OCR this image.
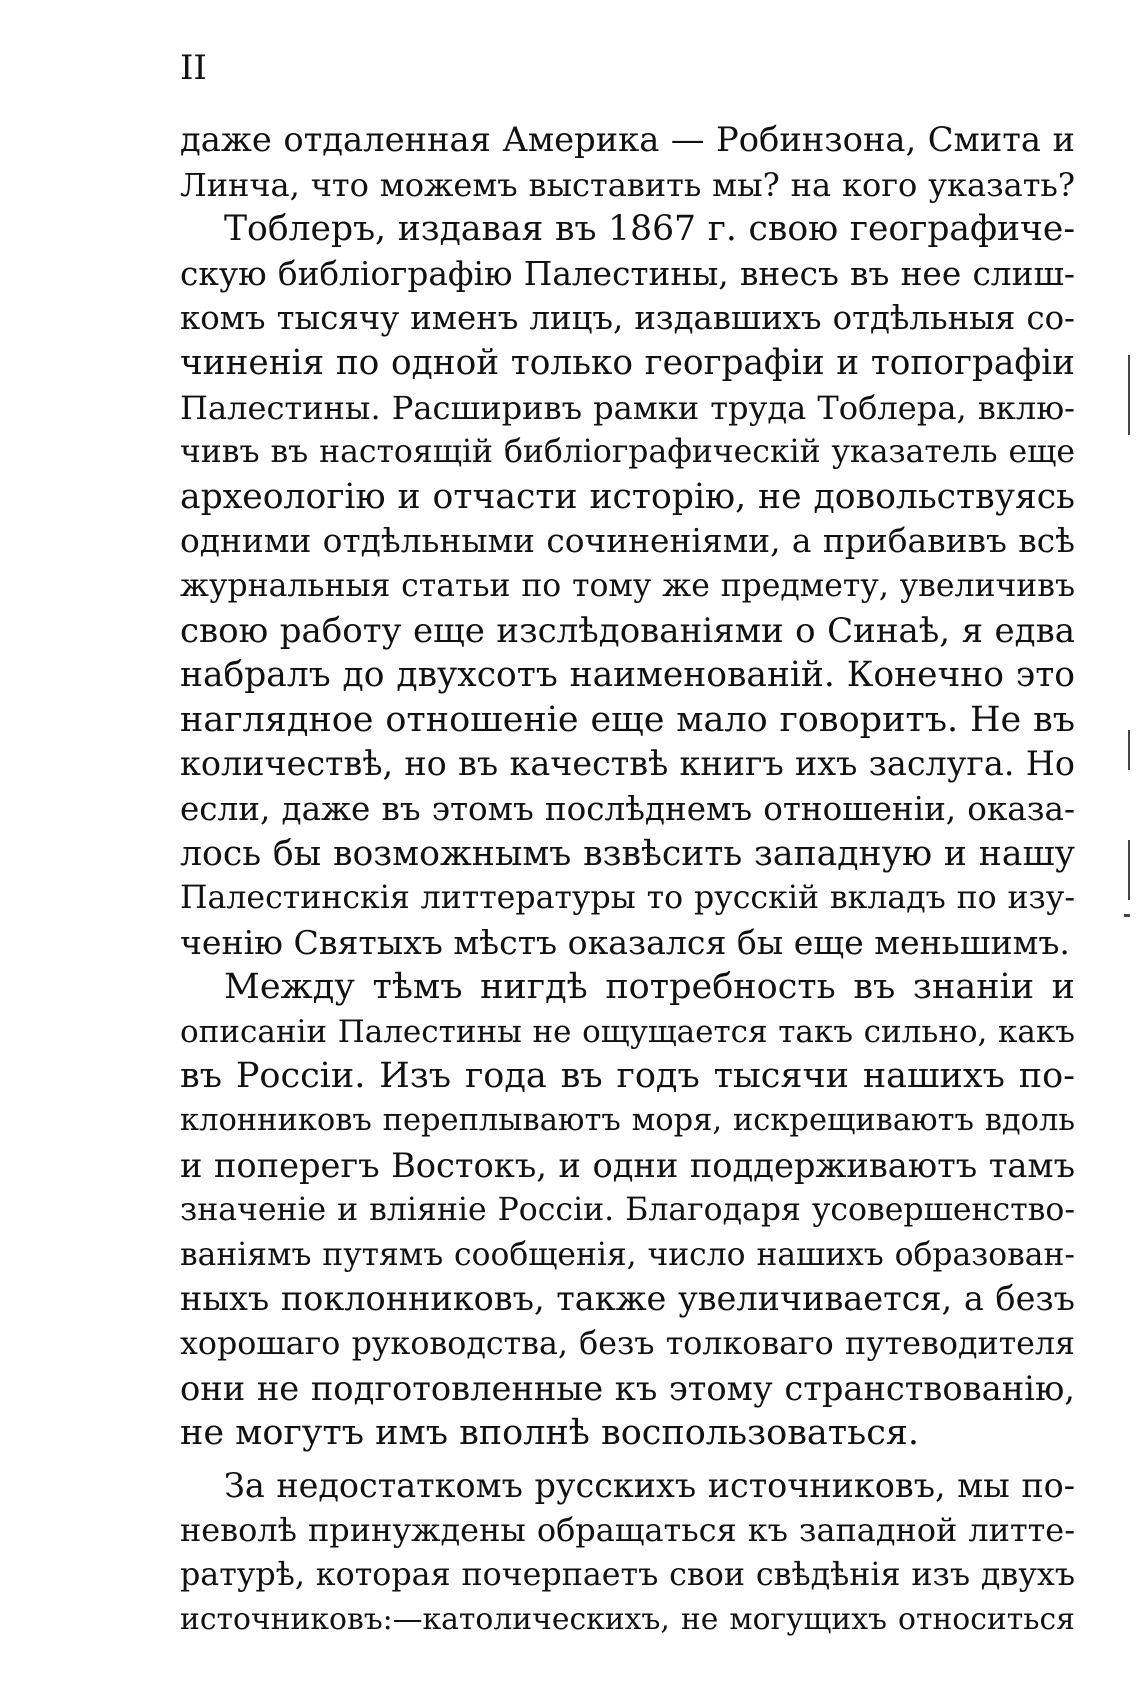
II
даже отдаленная Америка — Робинзона, Смита и
Линча, что можемъ выставить мы? на кого указать?
Тоблеръ, издавая въ 1867 г. свою географиче-
скую библіографію Палестины, внесъ въ нее слиш-
комъ тысячу именъ лицъ, издавшихъ отдѣльныя со-
чиненія по одной только географіи и топографіи
Палестины. Расширивъ рамки труда Тоблера, вклю-
чивъ въ настоящій библіографическій указатель еще
археологію и отчасти исторію, не довольствуясь
одними отдѣльными сочиненіями, а прибавивъ всѣ
журнальныя статьи по тому же предмету, увеличивъ
свою работу еще изслѣдованіями о Синаѣ, я едва
набралъ до двухсотъ наименованій. Конечно это
наглядное отношеніе еще мало говоритъ. Не въ
количествѣ, но въ качествѣ книгъ ихъ заслуга. Но
если, даже въ этомъ послѣднемъ отношеніи, оказа-
лось бы возможнымъ взвѣсить западную и нашу
Палестинскія литтературы то русскій вкладъ по изу-
ченію Святыхъ мѣстъ оказался бы еще меньшимъ.
Между тѣмъ нигдѣ потребность въ знаніи и
описаніи Палестины не ощущается такъ сильно, какъ
въ Россіи. Изъ года въ годъ тысячи нашихъ по-
клонниковъ переплываютъ моря, искрещиваютъ вдоль
и поперегъ Востокъ, и одни поддерживаютъ тамъ
значеніе и вліяніе Россіи. Благодаря усовершенство-
ваніямъ путямъ сообщенія, число нашихъ образован-
ныхъ поклонниковъ, также увеличивается, а безъ
хорошаго руководства, безъ толковаго путеводителя
они не подготовленные къ этому странствованію,
не могутъ имъ вполнѣ воспользоваться.
За недостаткомъ русскихъ источниковъ, мы по-
неволѣ принуждены обращаться къ западной литте-
ратурѣ, которая почерпаетъ свои свѣдѣнія изъ двухъ
источниковъ:—католическихъ, не могущихъ относиться
